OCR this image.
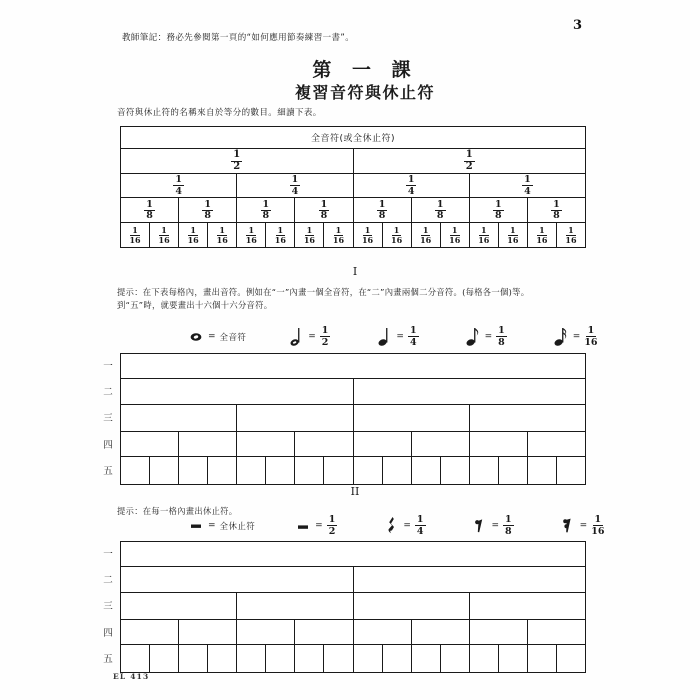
3
教師筆記：務必先參閱第一頁的“如何應用節奏練習一書”。
第 一 課
複習音符與休止符
音符與休止符的名稱來自於等分的數目。細讀下表。
全音符(或全休止符)
$\frac{1}{2}$	$\frac{1}{2}$
$\frac{1}{4}$	$\frac{1}{4}$	$\frac{1}{4}$	$\frac{1}{4}$
$\frac{1}{8}$	$\frac{1}{8}$	$\frac{1}{8}$	$\frac{1}{8}$	$\frac{1}{8}$	$\frac{1}{8}$	$\frac{1}{8}$	$\frac{1}{8}$
$\frac{1}{16} \frac{1}{16} \frac{1}{16} \frac{1}{16} \frac{1}{16} \frac{1}{16} \frac{1}{16} \frac{1}{16} \frac{1}{16} \frac{1}{16} \frac{1}{16} \frac{1}{16} \frac{1}{16} \frac{1}{16} \frac{1}{16} \frac{1}{16}$
I
提示：在下表每格內，畫出音符。例如在“一”內畫一個全音符，在“二”內畫兩個二分音符。(每格各一個)等。
到“五”時，就要畫出十六個十六分音符。
= 全音符	= $\frac{1}{2}$	= $\frac{1}{4}$	= $\frac{1}{8}$	= $\frac{1}{16}$
一
二
三
四
五
II
提示：在每一格內畫出休止符。
= 全休止符	= $\frac{1}{2}$	= $\frac{1}{4}$	= $\frac{1}{8}$	= $\frac{1}{16}$
一
二
三
四
五
EL 413
